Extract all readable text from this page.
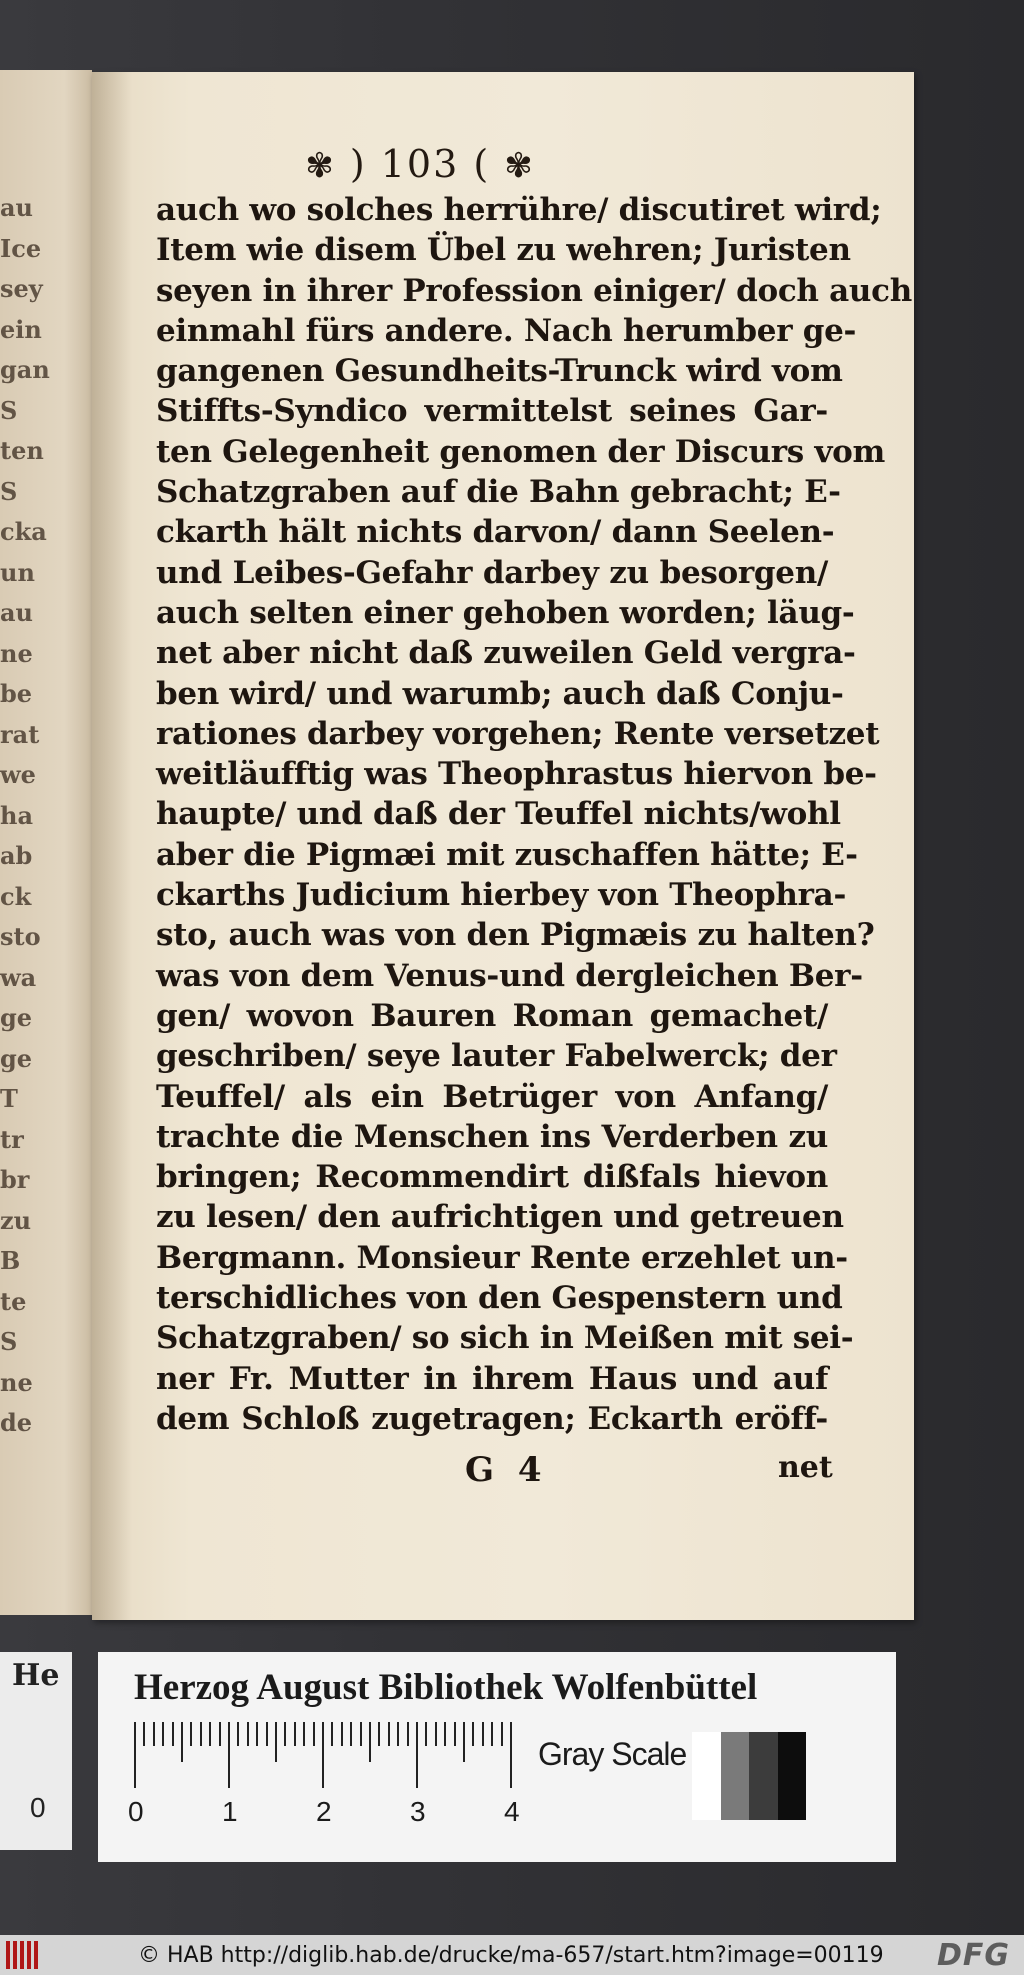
au
Ice
sey
ein
gan
S
ten
S
cka
un
au
ne
be
rat
we
ha
ab
ck
sto
wa
ge
ge
T
tr
br
zu
B
te
S
ne
de
✾ ) 103 ( ✾
auch wo solches herrühre/ discutiret wird;
Item wie disem Übel zu wehren; Juristen
seyen in ihrer Profession einiger/ doch auch
einmahl fürs andere. Nach herumber ge-
gangenen Gesundheits-Trunck wird vom
Stiffts-Syndico vermittelst seines Gar-
ten Gelegenheit genomen der Discurs vom
Schatzgraben auf die Bahn gebracht; E-
ckarth hält nichts darvon/ dann Seelen-
und Leibes-Gefahr darbey zu besorgen/
auch selten einer gehoben worden; läug-
net aber nicht daß zuweilen Geld vergra-
ben wird/ und warumb; auch daß Conju-
rationes darbey vorgehen; Rente versetzet
weitläufftig was Theophrastus hiervon be-
haupte/ und daß der Teuffel nichts/wohl
aber die Pigmæi mit zuschaffen hätte; E-
ckarths Judicium hierbey von Theophra-
sto, auch was von den Pigmæis zu halten?
was von dem Venus-und dergleichen Ber-
gen/ wovon Bauren Roman gemachet/
geschriben/ seye lauter Fabelwerck; der
Teuffel/ als ein Betrüger von Anfang/
trachte die Menschen ins Verderben zu
bringen; Recommendirt dißfals hievon
zu lesen/ den aufrichtigen und getreuen
Bergmann. Monsieur Rente erzehlet un-
terschidliches von den Gespenstern und
Schatzgraben/ so sich in Meißen mit sei-
ner Fr. Mutter in ihrem Haus und auf
dem Schloß zugetragen; Eckarth eröff-
G 4	net
He
0
Herzog August Bibliothek Wolfenbüttel
0	1	2	3	4
Gray Scale
© HAB http://diglib.hab.de/drucke/ma-657/start.htm?image=00119 DFG
